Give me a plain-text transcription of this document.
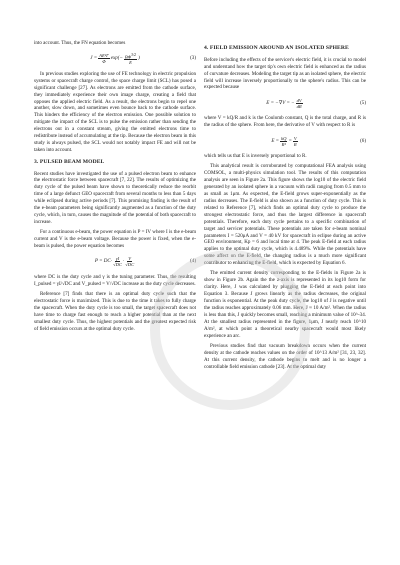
into account. Thus, the FN equation becomes

$J = \frac{\text{AE²Γ}}{\Phi}$ exp (− $\frac{B\Phi^{3/2}}{E}$ )	(3)

In previous studies exploring the use of FE technology in electric propulsion systems or spacecraft charge control, the space charge limit (SCL) has posed a significant challenge [27]. As electrons are emitted from the cathode surface, they immediately experience their own image charge, creating a field that opposes the applied electric field. As a result, the electrons begin to repel one another, slow down, and sometimes even bounce back to the cathode surface. This hinders the efficiency of the electron emission. One possible solution to mitigate the impact of the SCL is to pulse the emission rather than sending the electrons out in a constant stream, giving the emitted electrons time to redistribute instead of accumulating at the tip. Because the electron beam in this study is always pulsed, the SCL would not notably impact FE and will not be taken into account.

3. PULSED BEAM MODEL

Recent studies have investigated the use of a pulsed electron beam to enhance the electrostatic force between spacecraft [7, 22]. The results of optimizing the duty cycle of the pulsed beam have shown to theoretically reduce the reorbit time of a large defunct GEO spacecraft from several months to less than 5 days while eclipsed during active periods [7]. This promising finding is the result of the e-beam parameters being significantly augmented as a function of the duty cycle, which, in turn, causes the magnitude of the potential of both spacecraft to increase.

For a continuous e-beam, the power equation is P = IV where I is the e-beam current and V is the e-beam voltage. Because the power is fixed, when the e-beam is pulsed, the power equation becomes

$P = DC\cdot \frac{\gamma I}{√DC} \cdot \frac{V}{√DC}$	(4)

where DC is the duty cycle and γ is the tuning parameter. Thus, the resulting I_pulsed = γI/√DC and V_pulsed = V/√DC increase as the duty cycle decreases.

Reference [7] finds that there is an optimal duty cycle such that the electrostatic force is maximized. This is due to the time it takes to fully charge the spacecraft. When the duty cycle is too small, the target spacecraft does not have time to charge fast enough to reach a higher potential than at the next smallest duty cycle. Thus, the highest potentials and the greatest expected risk of field emission occurs at the optimal duty cycle.

4. FIELD EMISSION AROUND AN ISOLATED SPHERE

Before including the effects of the servicer's electric field, it is crucial to model and understand how the target tip's own electric field is enhanced as the radius of curvature decreases. Modeling the target tip as an isolated sphere, the electric field will increase inversely proportionally to the sphere's radius. This can be expected because

E = −∇V = − $\frac{dV}{dR}$	(5)

where V = kQ/R and k is the Coulomb constant, Q is the total charge, and R is the radius of the sphere. From here, the derivative of V with respect to R is

$E = \frac{kQ}{\text{R²}} = \frac{V}{R}$	(6)

which tells us that E is inversely proportional to R.

This analytical result is corroborated by computational FEA analysis using COMSOL, a multi-physics simulation tool. The results of this computation analysis are seen in Figure 2a. This figure shows the log10 of the electric field generated by an isolated sphere in a vacuum with radii ranging from 0.5 mm to as small as 1μm. As expected, the E-field grows super-exponentially as the radius decreases. The E-field is also shown as a function of duty cycle. This is related to Reference [7], which finds an optimal duty cycle to produce the strongest electrostatic force, and thus the largest difference in spacecraft potentials. Therefore, each duty cycle pertains to a specific combination of target and servicer potentials. These potentials are taken for e-beam nominal parameters I = 520μA and V = 40 kV for spacecraft in eclipse during an active GEO environment, Kp = 6 and local time at 4. The peak E-field at each radius applies to the optimal duty cycle, which is 4.489%. While the potentials have some affect on the E-field, the changing radius is a much more significant contributor to enhancing the E-field, which is expected by Equation 6.

The emitted current density corresponding to the E-fields in Figure 2a is show in Figure 2b. Again the the z-axis is represented in its log10 form for clarity. Here, J was calculated by plugging the E-field at each point into Equation 3. Because J grows linearly as the radius decreases, the original function is exponential. At the peak duty cycle, the log10 of J is negative until the radius reaches approximately 0.06 mm. Here, J ≈ 10 A/m². When the radius is less than this, J quickly becomes small, reaching a minimum value of 10^-34. At the smallest radius represented in the figure, 1μm, J nearly reach 10^10 A/m², at which point a theoretical nearby spacecraft would most likely experience an arc.

Previous studies find that vacuum breakdown occurs when the current density at the cathode reaches values on the order of 10^13 A/m² [31, 23, 32]. At this current density, the cathode begins to melt and is no longer a controllable field emission cathode [23]. At the optimal duty
